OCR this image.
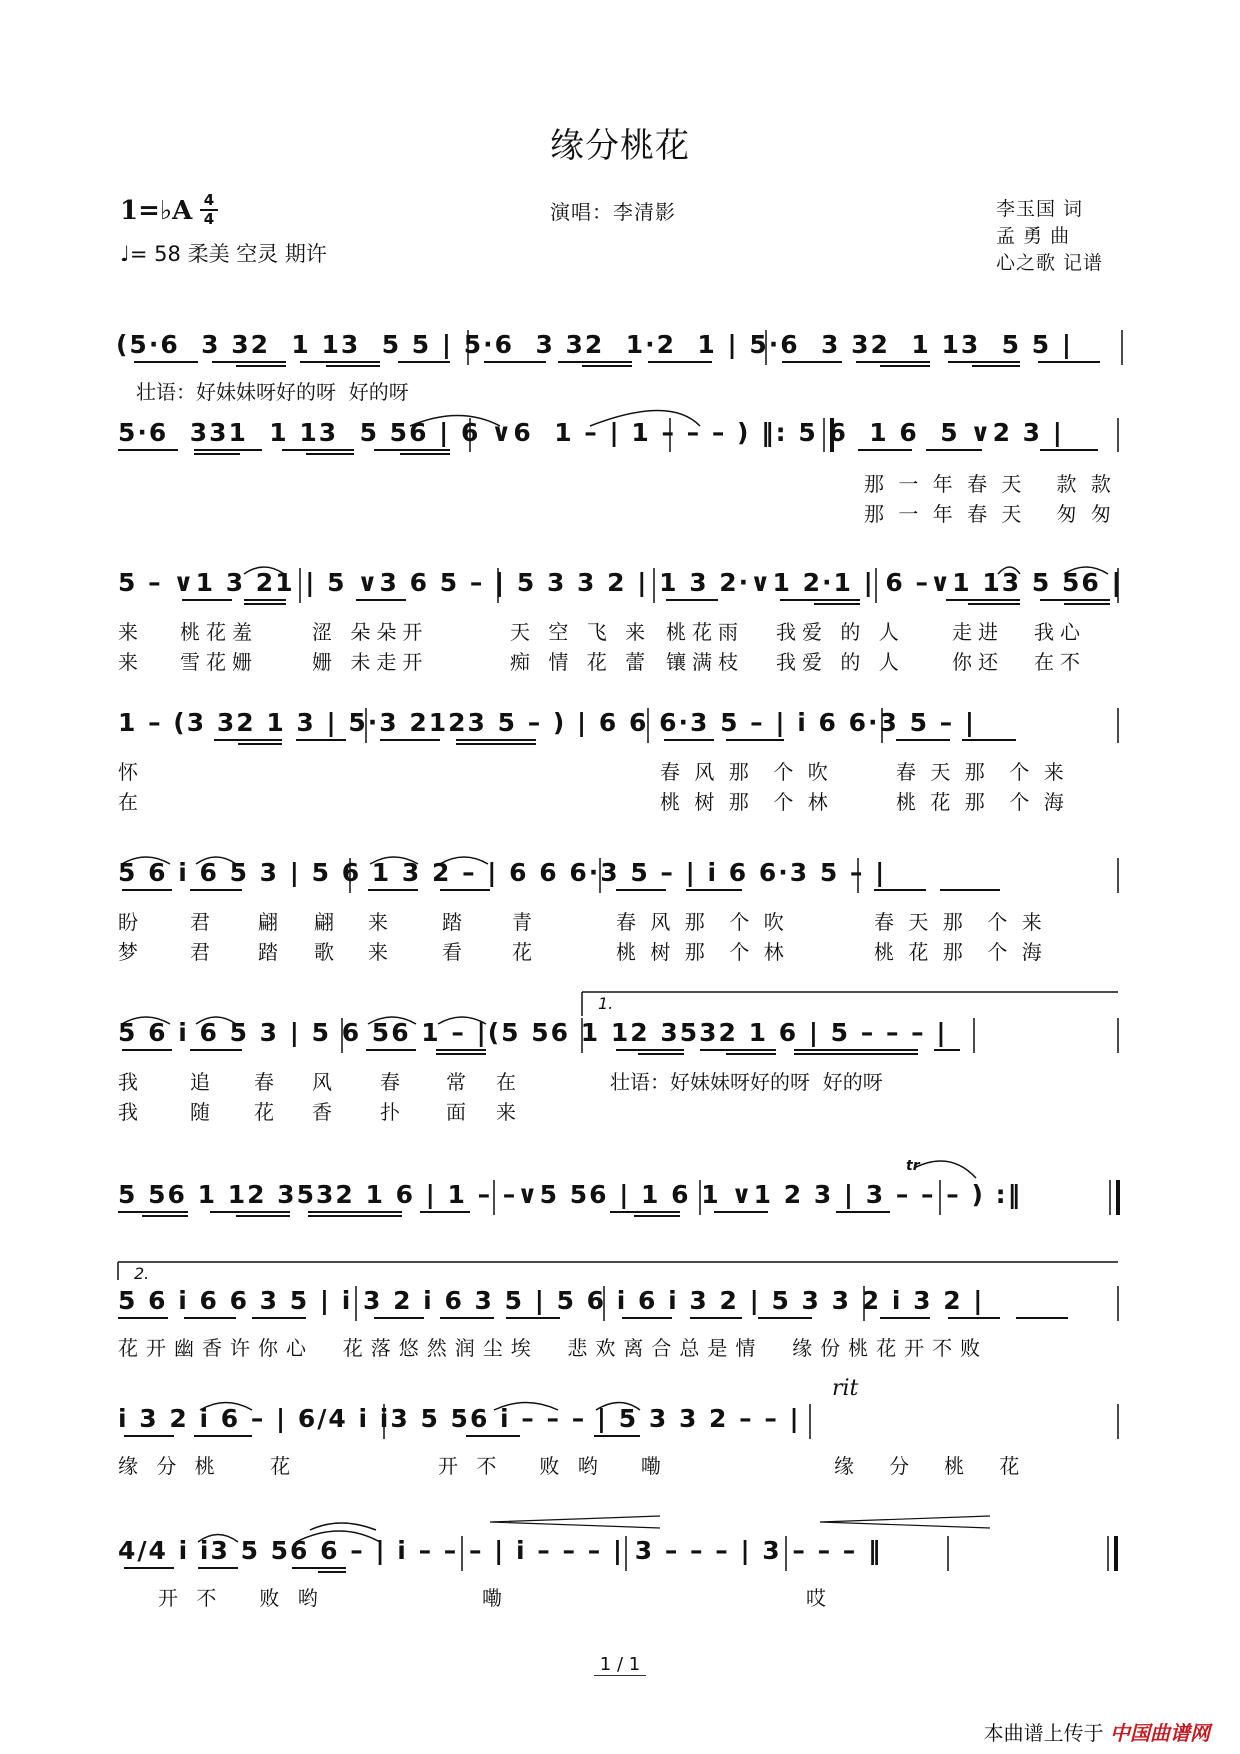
缘分桃花
1=♭A 4
4
♩= 58 柔美 空灵 期许
演唱：李清影	李玉国 词
孟 勇 曲
心之歌 记谱
(5·6  3 32  1 13  5 5 | 5·6  3 32  1·2  1 | 5·6  3 32  1 13  5 5 |
5·6  331  1 13  5 56 | 6 ∨6  1 – | 1 – – – ) ‖: 5 6  1 6  5 ∨2 3 |
5 – ∨1 3 21 | 5 ∨3 6 5 – | 5 3 3 2 | 1 3 2·∨1 2·1 | 6 –∨1 13 5 56 |
1 – (3 32 1 3 | 5·3 2123 5 – ) | 6 6 6·3 5 – | i 6 6·3 5 – |
5 6 i 6 5 3 | 5 6 1 3 2 – | 6 6 6·3 5 – | i 6 6·3 5 – |
5 6 i 6 5 3 | 5 6 56 1 – |(5 56 1 12 3532 1 6 | 5 – – – |
5 56 1 12 3532 1 6 | 1 – –∨5 56 | 1 6 1 ∨1 2 3 | 3 – – – ) :‖
5 6 i 6 6 3 5 | i 3 2 i 6 3 5 | 5 6 i 6 i 3 2 | 5 3 3 2 i 3 2 |
i 3 2 i 6 – | 6/4 i i3 5 56 i – – – | 5 3 3 2 – – |
4/4 i i3 5 56 6 – | i – – – | i – – – | 3 – – – | 3 – – – ‖
1.
2.
rit
tr
壮语：好妹妹呀好的呀  好的呀
那 一 年 春 天   款 款
那 一 年 春 天   匆 匆
来 桃花羞	涩 朵朵开	天 空 飞 来 桃花雨 我爱 的 人 走进 我心
来 雪花姗	姗 未走开	痴 情 花 蕾 镶满枝 我爱 的 人 你还 在不
怀	春 风 那  个 吹	春 天 那  个 来
在	桃 树 那  个 林	桃 花 那  个 海
盼	君 翩 翩 来	踏	青	春 风 那  个 吹	春 天 那  个 来
梦	君 踏 歌 来	看	花	桃 树 那  个 林	桃 花 那  个 海
我	追 春 风 春 常 在	壮语：好妹妹呀好的呀  好的呀
我	随 花 香 扑 面 来
花开幽香许你心  花落悠然润尘埃  悲欢离合总是情  缘份桃花开不败
缘 分 桃    花	开 不   败 哟   嘞	缘   分   桃   花
开 不   败 哟	嘞	哎
1 / 1
本曲谱上传于 中国曲谱网
